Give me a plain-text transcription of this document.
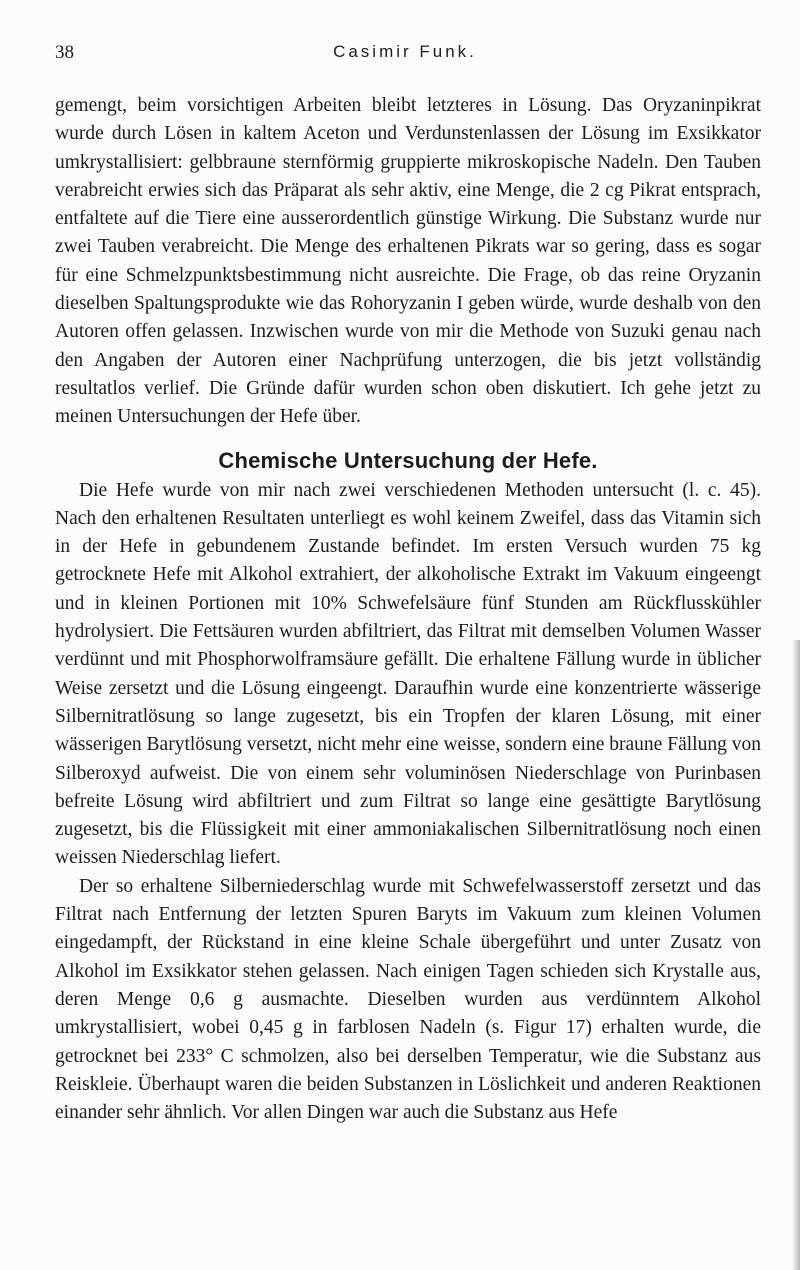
38	Casimir Funk.

gemengt, beim vorsichtigen Arbeiten bleibt letzteres in Lösung. Das Oryzaninpikrat wurde durch Lösen in kaltem Aceton und Verdunstenlassen der Lösung im Exsikkator umkrystallisiert: gelbbraune sternförmig gruppierte mikroskopische Nadeln. Den Tauben verabreicht erwies sich das Präparat als sehr aktiv, eine Menge, die 2 cg Pikrat entsprach, entfaltete auf die Tiere eine ausserordentlich günstige Wirkung. Die Substanz wurde nur zwei Tauben verabreicht. Die Menge des erhaltenen Pikrats war so gering, dass es sogar für eine Schmelzpunktsbestimmung nicht ausreichte. Die Frage, ob das reine Oryzanin dieselben Spaltungsprodukte wie das Rohoryzanin I geben würde, wurde deshalb von den Autoren offen gelassen. Inzwischen wurde von mir die Methode von Suzuki genau nach den Angaben der Autoren einer Nachprüfung unterzogen, die bis jetzt vollständig resultatlos verlief. Die Gründe dafür wurden schon oben diskutiert. Ich gehe jetzt zu meinen Untersuchungen der Hefe über.

Chemische Untersuchung der Hefe.

Die Hefe wurde von mir nach zwei verschiedenen Methoden untersucht (l. c. 45). Nach den erhaltenen Resultaten unterliegt es wohl keinem Zweifel, dass das Vitamin sich in der Hefe in gebundenem Zustande befindet. Im ersten Versuch wurden 75 kg getrocknete Hefe mit Alkohol extrahiert, der alkoholische Extrakt im Vakuum eingeengt und in kleinen Portionen mit 10% Schwefelsäure fünf Stunden am Rückflusskühler hydrolysiert. Die Fettsäuren wurden abfiltriert, das Filtrat mit demselben Volumen Wasser verdünnt und mit Phosphorwolframsäure gefällt. Die erhaltene Fällung wurde in üblicher Weise zersetzt und die Lösung eingeengt. Daraufhin wurde eine konzentrierte wässerige Silbernitratlösung so lange zugesetzt, bis ein Tropfen der klaren Lösung, mit einer wässerigen Barytlösung versetzt, nicht mehr eine weisse, sondern eine braune Fällung von Silberoxyd aufweist. Die von einem sehr voluminösen Niederschlage von Purinbasen befreite Lösung wird abfiltriert und zum Filtrat so lange eine gesättigte Barytlösung zugesetzt, bis die Flüssigkeit mit einer ammoniakalischen Silbernitratlösung noch einen weissen Niederschlag liefert.

Der so erhaltene Silberniederschlag wurde mit Schwefelwasserstoff zersetzt und das Filtrat nach Entfernung der letzten Spuren Baryts im Vakuum zum kleinen Volumen eingedampft, der Rückstand in eine kleine Schale übergeführt und unter Zusatz von Alkohol im Exsikkator stehen gelassen. Nach einigen Tagen schieden sich Krystalle aus, deren Menge 0,6 g ausmachte. Dieselben wurden aus verdünntem Alkohol umkrystallisiert, wobei 0,45 g in farblosen Nadeln (s. Figur 17) erhalten wurde, die getrocknet bei 233° C schmolzen, also bei derselben Temperatur, wie die Substanz aus Reiskleie. Überhaupt waren die beiden Substanzen in Löslichkeit und anderen Reaktionen einander sehr ähnlich. Vor allen Dingen war auch die Substanz aus Hefe
